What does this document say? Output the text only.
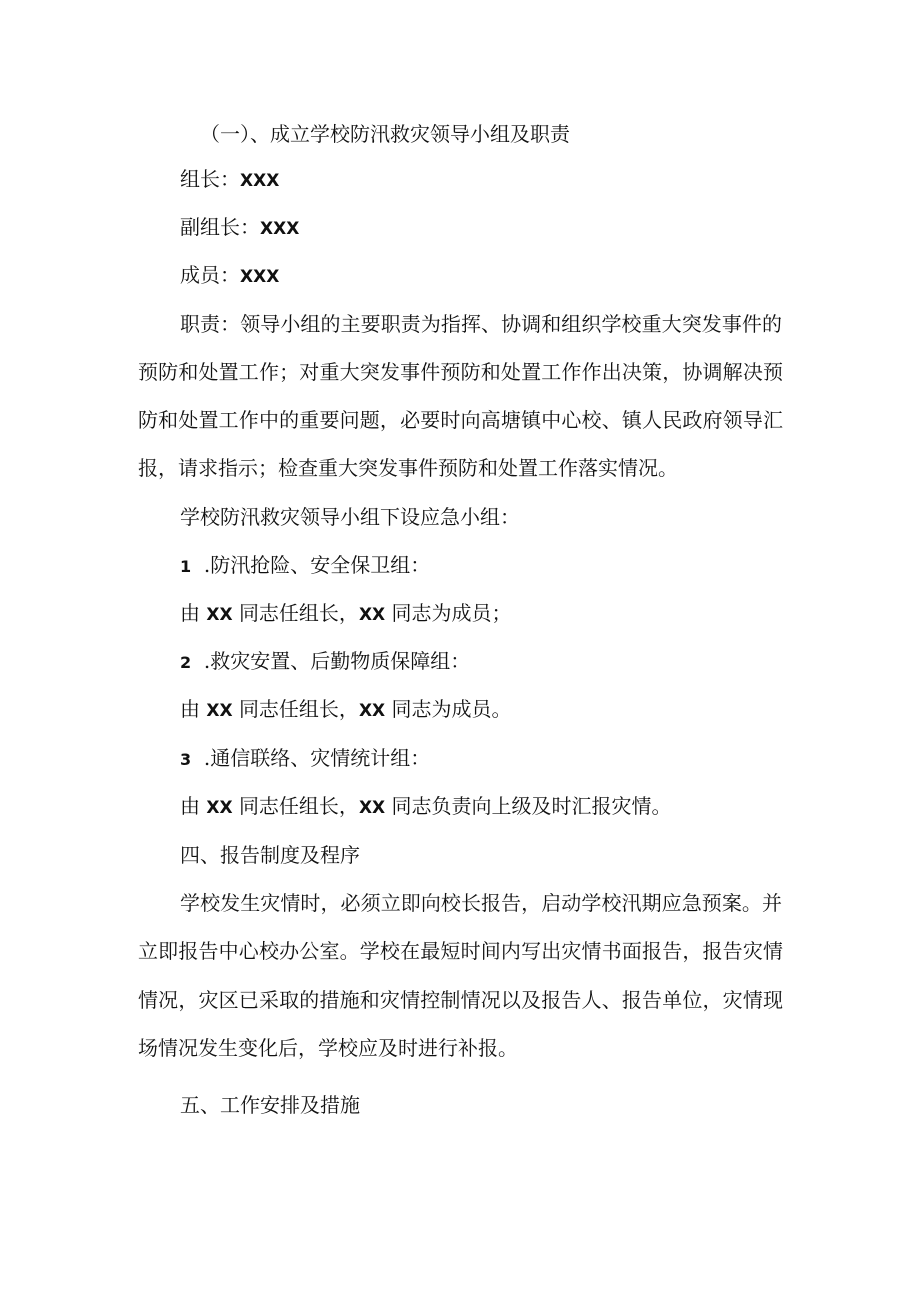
（一）、成立学校防汛救灾领导小组及职责
组长：XXX
副组长：XXX
成员：XXX
职责：领导小组的主要职责为指挥、协调和组织学校重大突发事件的
预防和处置工作；对重大突发事件预防和处置工作作出决策，协调解决预
防和处置工作中的重要问题，必要时向高塘镇中心校、镇人民政府领导汇
报，请求指示；检查重大突发事件预防和处置工作落实情况。
学校防汛救灾领导小组下设应急小组：
1 .防汛抢险、安全保卫组：
由 XX 同志任组长，XX 同志为成员；
2 .救灾安置、后勤物质保障组：
由 XX 同志任组长，XX 同志为成员。
3 .通信联络、灾情统计组：
由 XX 同志任组长，XX 同志负责向上级及时汇报灾情。
四、报告制度及程序
学校发生灾情时，必须立即向校长报告，启动学校汛期应急预案。并
立即报告中心校办公室。学校在最短时间内写出灾情书面报告，报告灾情
情况，灾区已采取的措施和灾情控制情况以及报告人、报告单位，灾情现
场情况发生变化后，学校应及时进行补报。
五、工作安排及措施
